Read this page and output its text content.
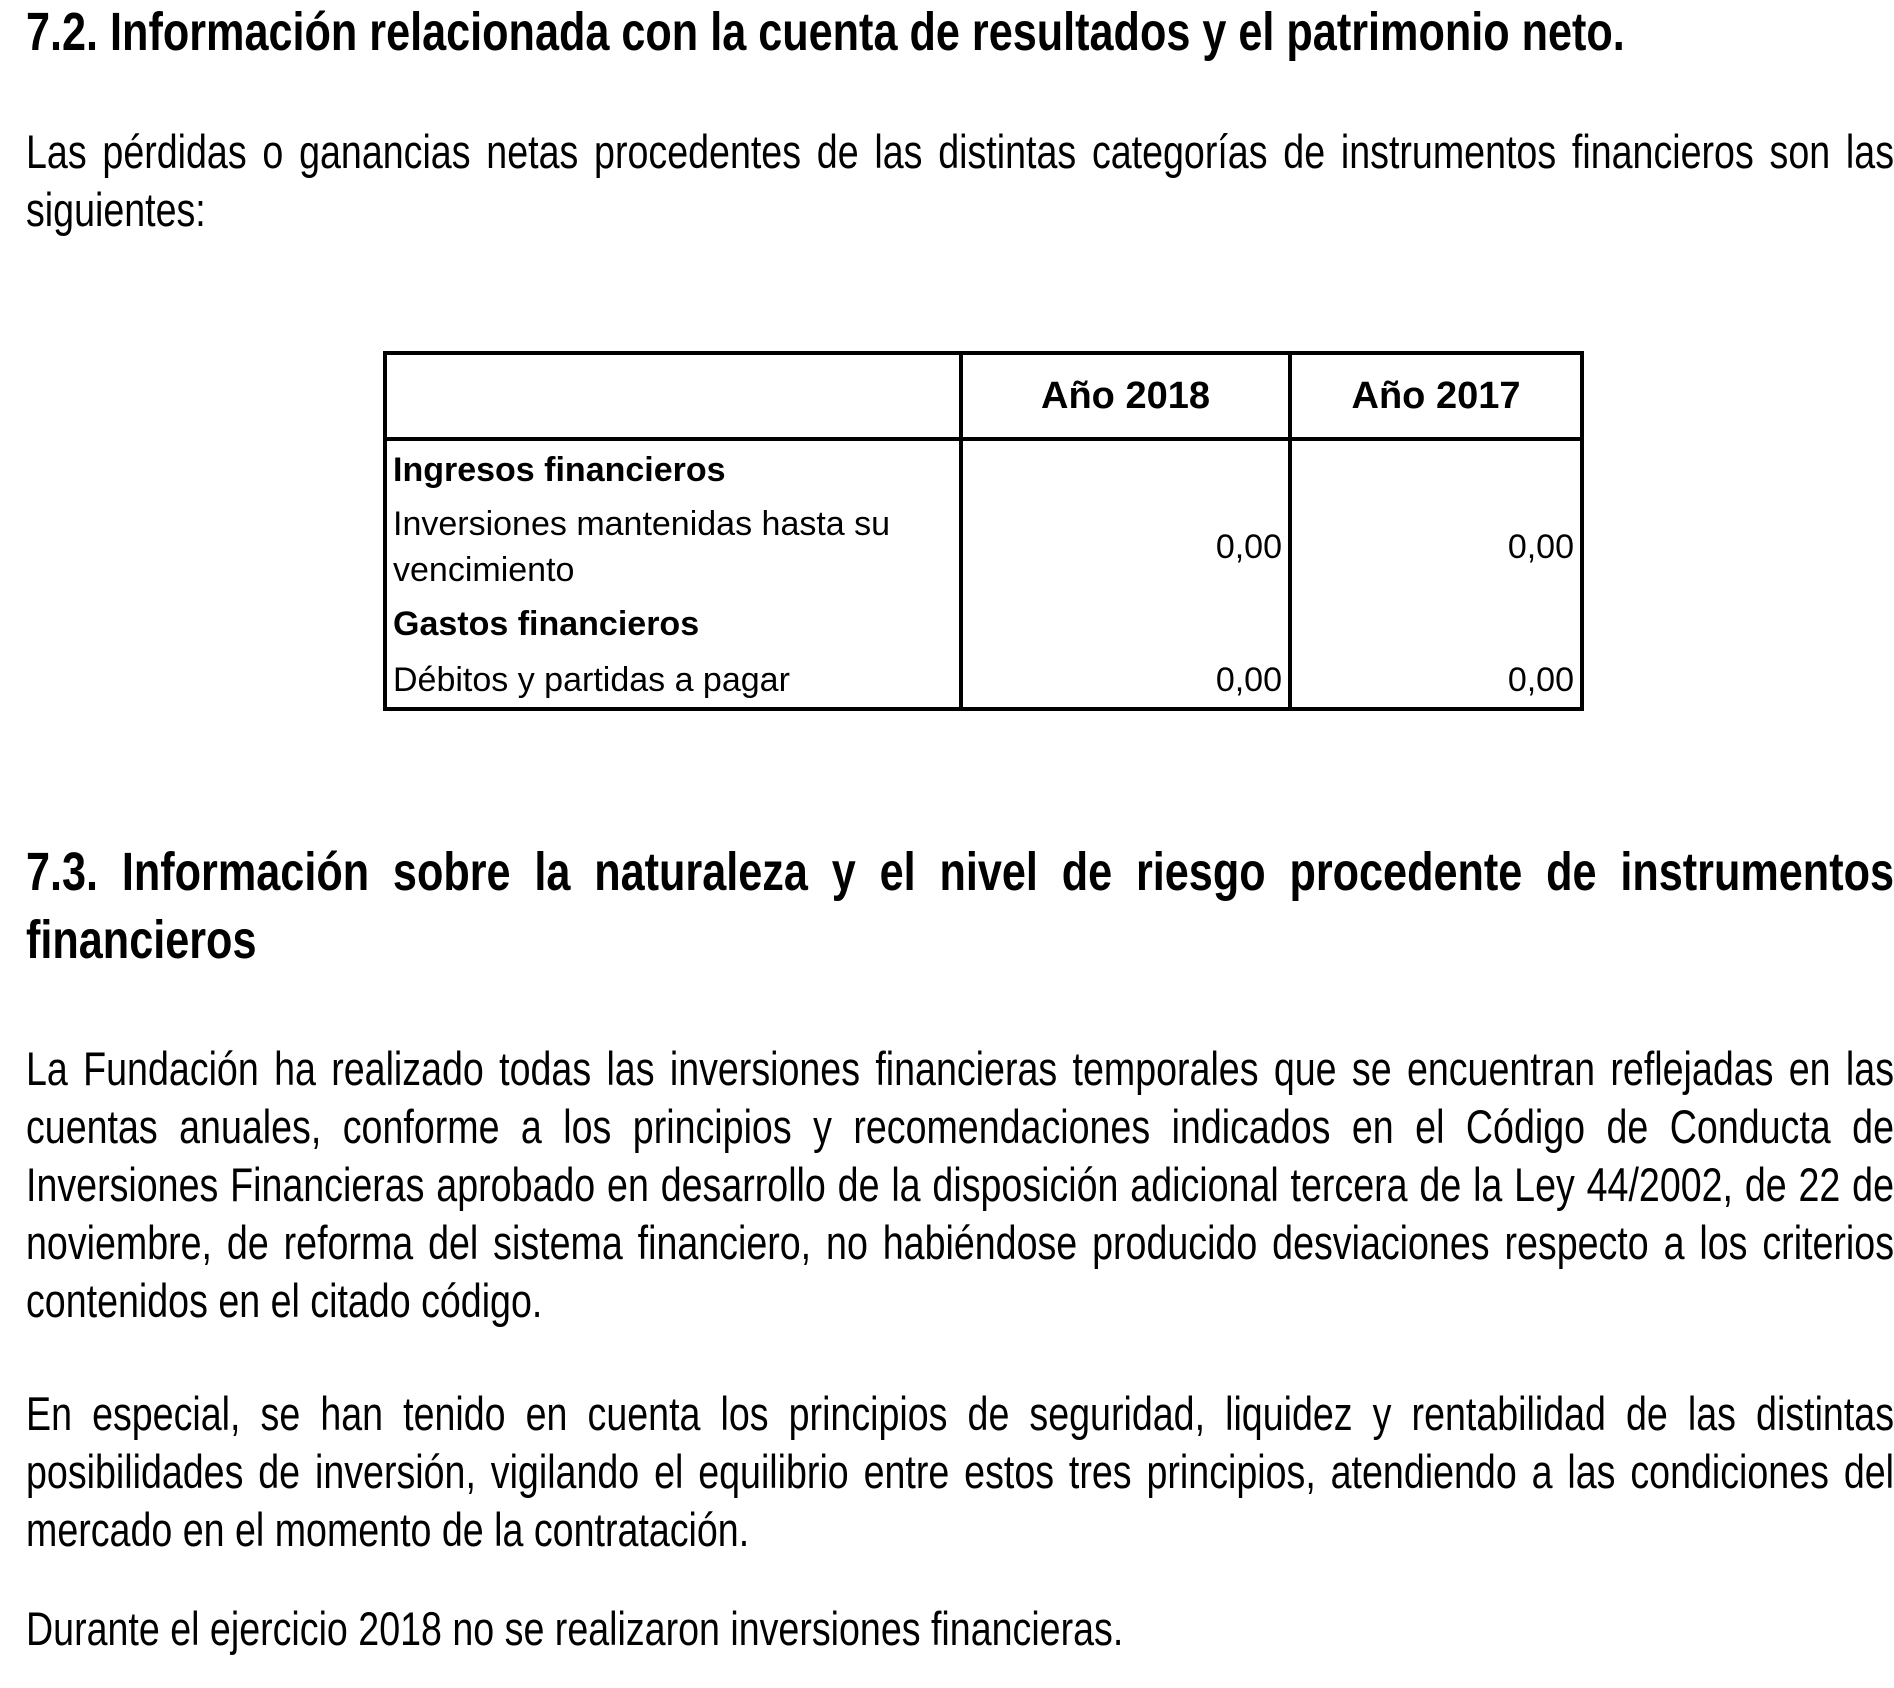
7.2. Información relacionada con la cuenta de resultados y el patrimonio neto.

Las pérdidas o ganancias netas procedentes de las distintas categorías de instrumentos financieros son las siguientes:

	Año 2018	Año 2017
Ingresos financieros		
Inversiones mantenidas hasta su vencimiento	0,00	0,00
Gastos financieros		
Débitos y partidas a pagar	0,00	0,00
7.3. Información sobre la naturaleza y el nivel de riesgo procedente de instrumentos financieros

La Fundación ha realizado todas las inversiones financieras temporales que se encuentran reflejadas en las cuentas anuales, conforme a los principios y recomendaciones indicados en el Código de Conducta de Inversiones Financieras aprobado en desarrollo de la disposición adicional tercera de la Ley 44/2002, de 22 de noviembre, de reforma del sistema financiero, no habiéndose producido desviaciones respecto a los criterios contenidos en el citado código.

En especial, se han tenido en cuenta los principios de seguridad, liquidez y rentabilidad de las distintas posibilidades de inversión, vigilando el equilibrio entre estos tres principios, atendiendo a las condiciones del mercado en el momento de la contratación.

Durante el ejercicio 2018 no se realizaron inversiones financieras.
